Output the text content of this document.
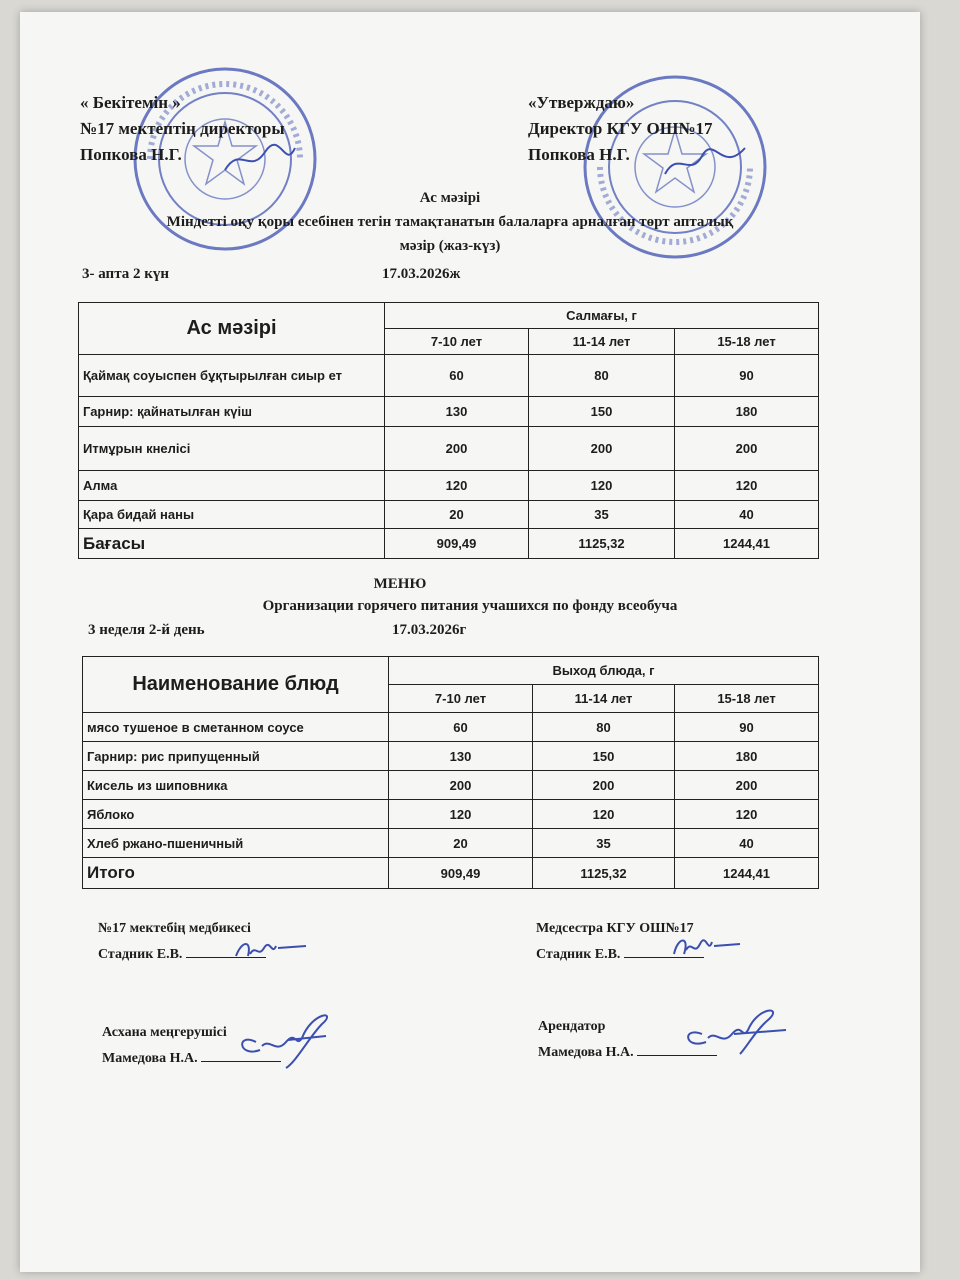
« Бекітемін »
№17 мектептің директоры
Попкова Н.Г.
«Утверждаю»
Директор КГУ ОШ№17
Попкова Н.Г.
Ас мәзірі
Міндетті оқу қоры есебінен тегін тамақтанатын балаларға арналған төрт апталық
мәзір (жаз-күз)
3- апта 2 күн	17.03.2026ж
Ас мәзірі	Салмағы, г		
	7-10 лет	11-14 лет	15-18 лет
Қаймақ соуыспен бұқтырылған сиыр ет	60	80	90
Гарнир: қайнатылған күіш	130	150	180
Итмұрын кнелісі	200	200	200
Алма	120	120	120
Қара бидай наны	20	35	40
Бағасы	909,49	1125,32	1244,41
МЕНЮ
Организации горячего питания учашихся по фонду всеобуча
3 неделя 2-й день	17.03.2026г
Наименование блюд	Выход блюда, г		
	7-10 лет	11-14 лет	15-18 лет
мясо тушеное в сметанном соусе	60	80	90
Гарнир: рис припущенный	130	150	180
Кисель из шиповника	200	200	200
Яблоко	120	120	120
Хлеб ржано-пшеничный	20	35	40
Итого	909,49	1125,32	1244,41
№17 мектебің медбикесі
Стадник Е.В.
Медсестра КГУ ОШ№17
Стадник Е.В.
Асхана меңгерушісі
Мамедова Н.А.
Арендатор
Мамедова Н.А.
